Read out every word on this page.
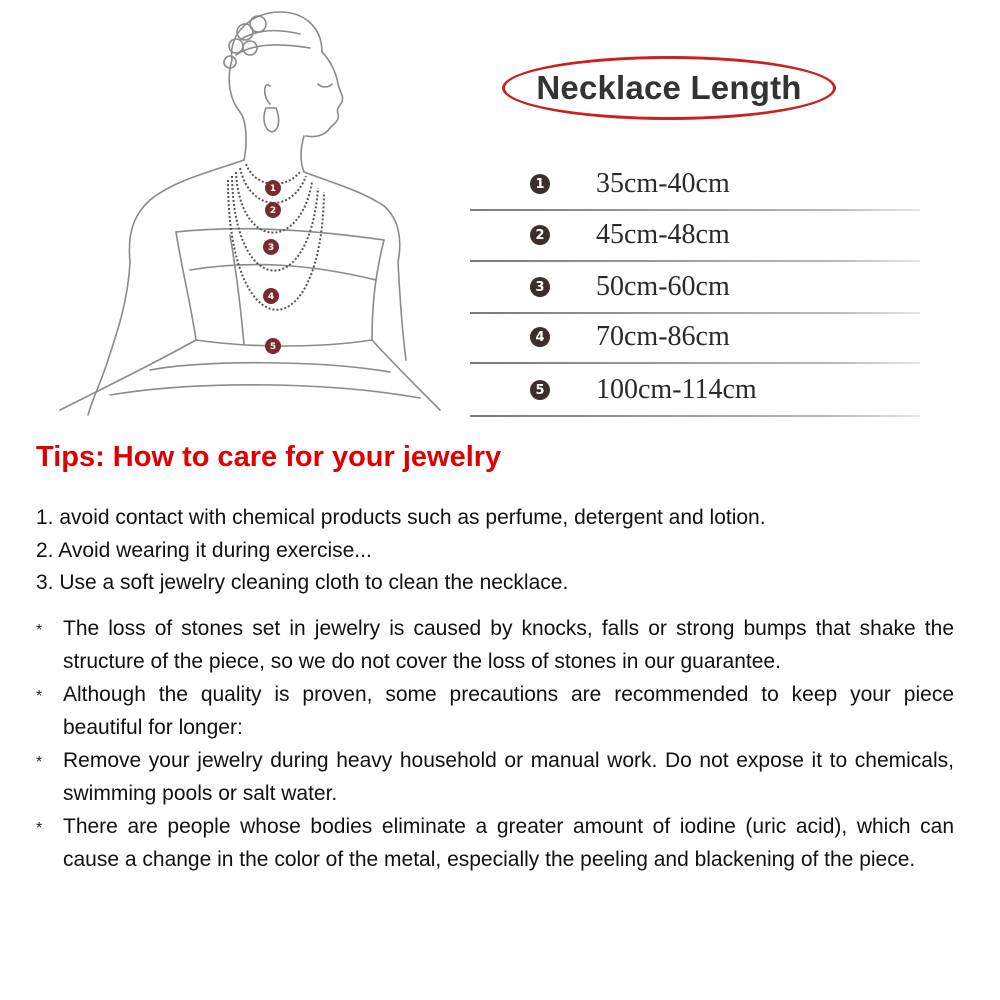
1
2
3
4
5
Necklace Length
1 35cm-40cm
2 45cm-48cm
3 50cm-60cm
4 70cm-86cm
5 100cm-114cm
Tips: How to care for your jewelry
1. avoid contact with chemical products such as perfume, detergent and lotion.
2. Avoid wearing it during exercise...
3. Use a soft jewelry cleaning cloth to clean the necklace.
* The loss of stones set in jewelry is caused by knocks, falls or strong bumps that shake the structure of the piece, so we do not cover the loss of stones in our guarantee.
* Although the quality is proven, some precautions are recommended to keep your piece beautiful for longer:
* Remove your jewelry during heavy household or manual work. Do not expose it to chemicals, swimming pools or salt water.
* There are people whose bodies eliminate a greater amount of iodine (uric acid), which can cause a change in the color of the metal, especially the peeling and blackening of the piece.
